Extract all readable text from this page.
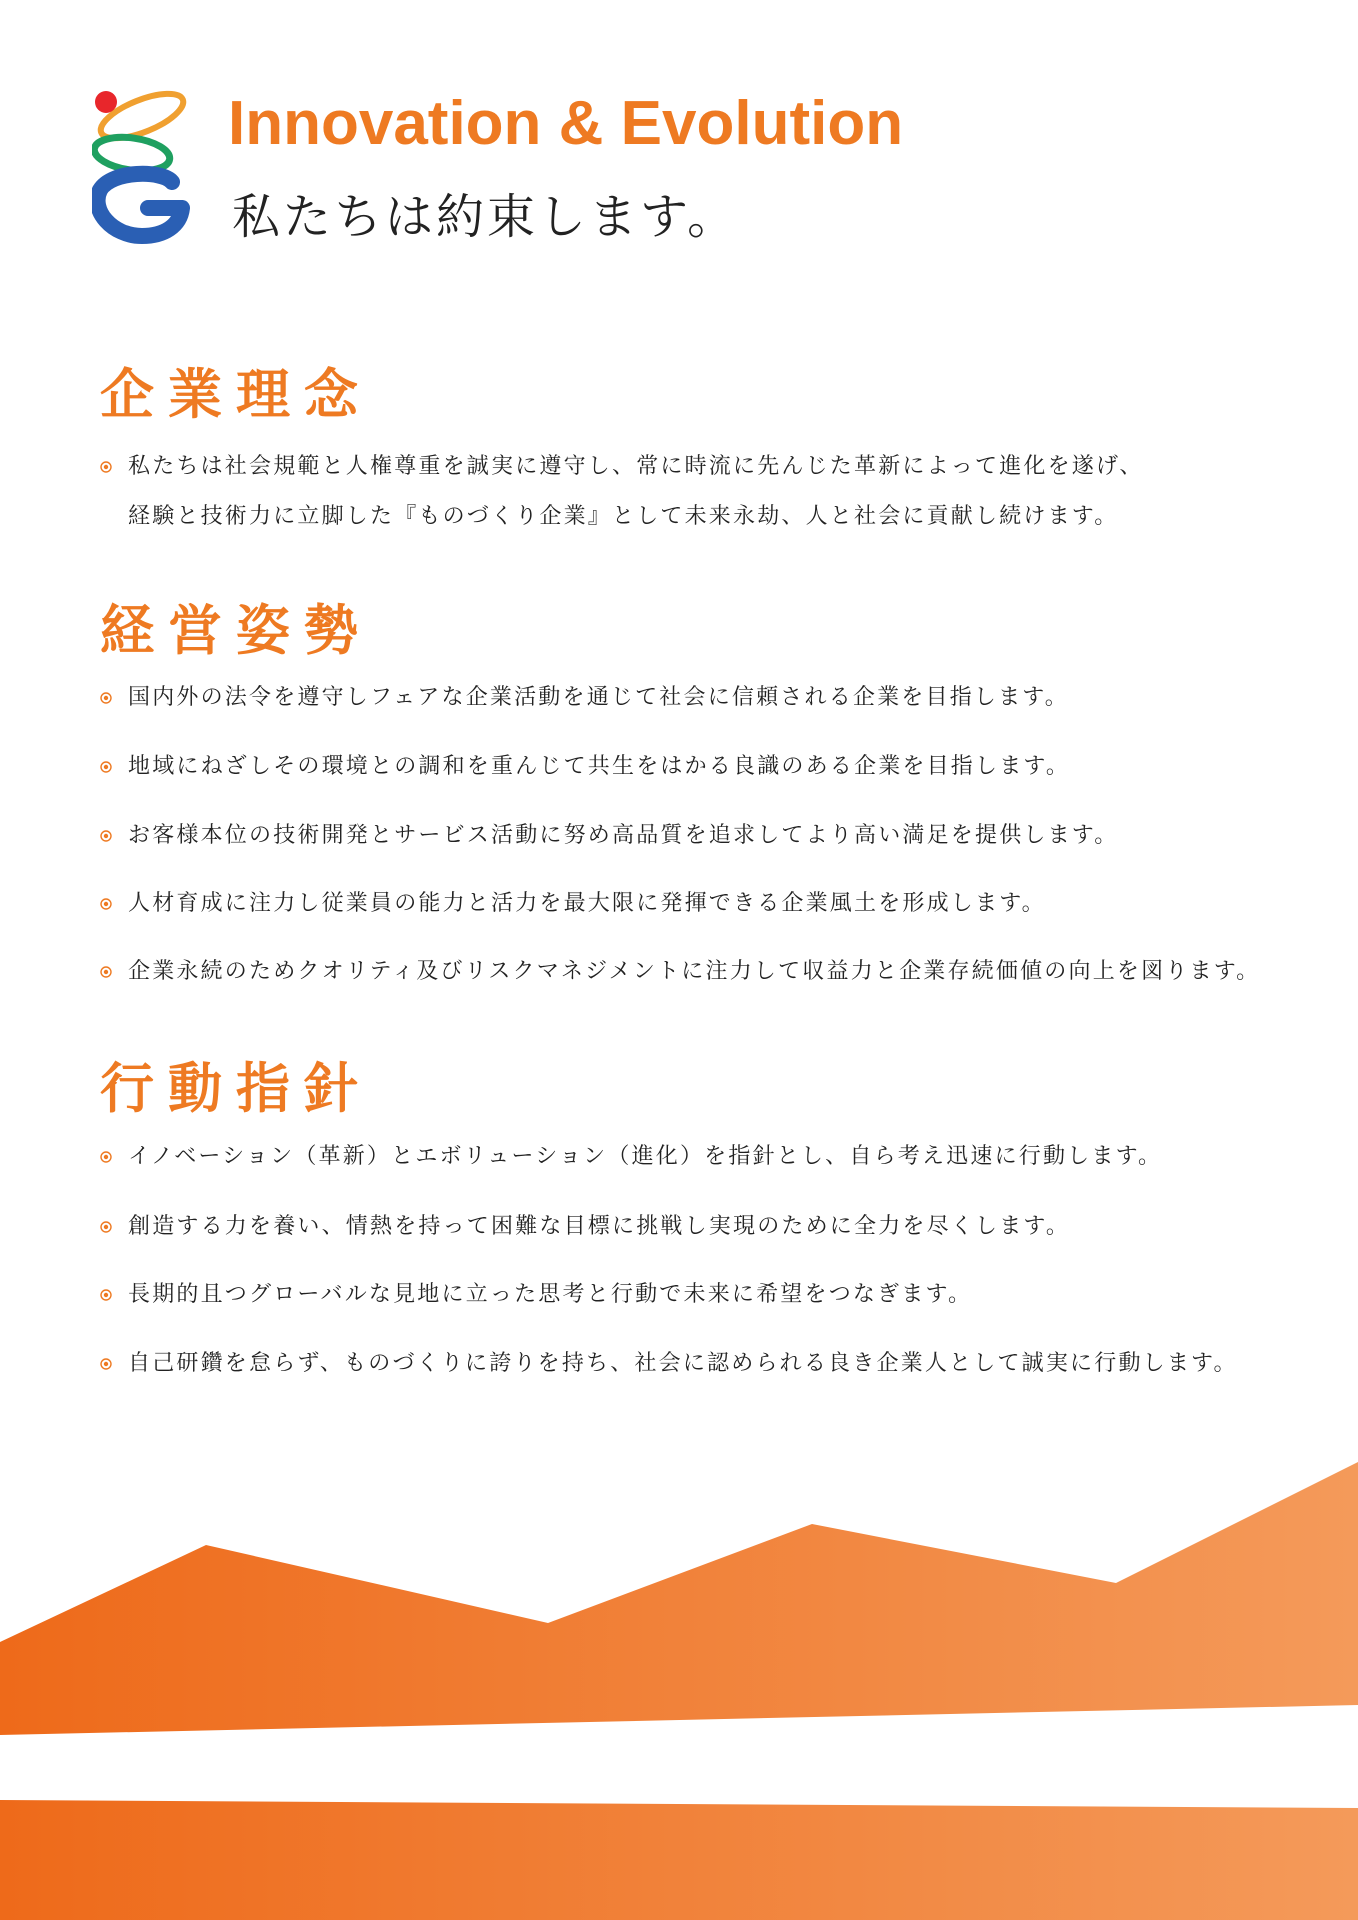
Innovation & Evolution
私たちは約束します。
企業理念
私たちは社会規範と人権尊重を誠実に遵守し、常に時流に先んじた革新によって進化を遂げ、
経験と技術力に立脚した『ものづくり企業』として未来永劫、人と社会に貢献し続けます。
経営姿勢
国内外の法令を遵守しフェアな企業活動を通じて社会に信頼される企業を目指します。
地域にねざしその環境との調和を重んじて共生をはかる良識のある企業を目指します。
お客様本位の技術開発とサービス活動に努め高品質を追求してより高い満足を提供します。
人材育成に注力し従業員の能力と活力を最大限に発揮できる企業風土を形成します。
企業永続のためクオリティ及びリスクマネジメントに注力して収益力と企業存続価値の向上を図ります。
行動指針
イノベーション（革新）とエボリューション（進化）を指針とし、自ら考え迅速に行動します。
創造する力を養い、情熱を持って困難な目標に挑戦し実現のために全力を尽くします。
長期的且つグローバルな見地に立った思考と行動で未来に希望をつなぎます。
自己研鑽を怠らず、ものづくりに誇りを持ち、社会に認められる良き企業人として誠実に行動します。
